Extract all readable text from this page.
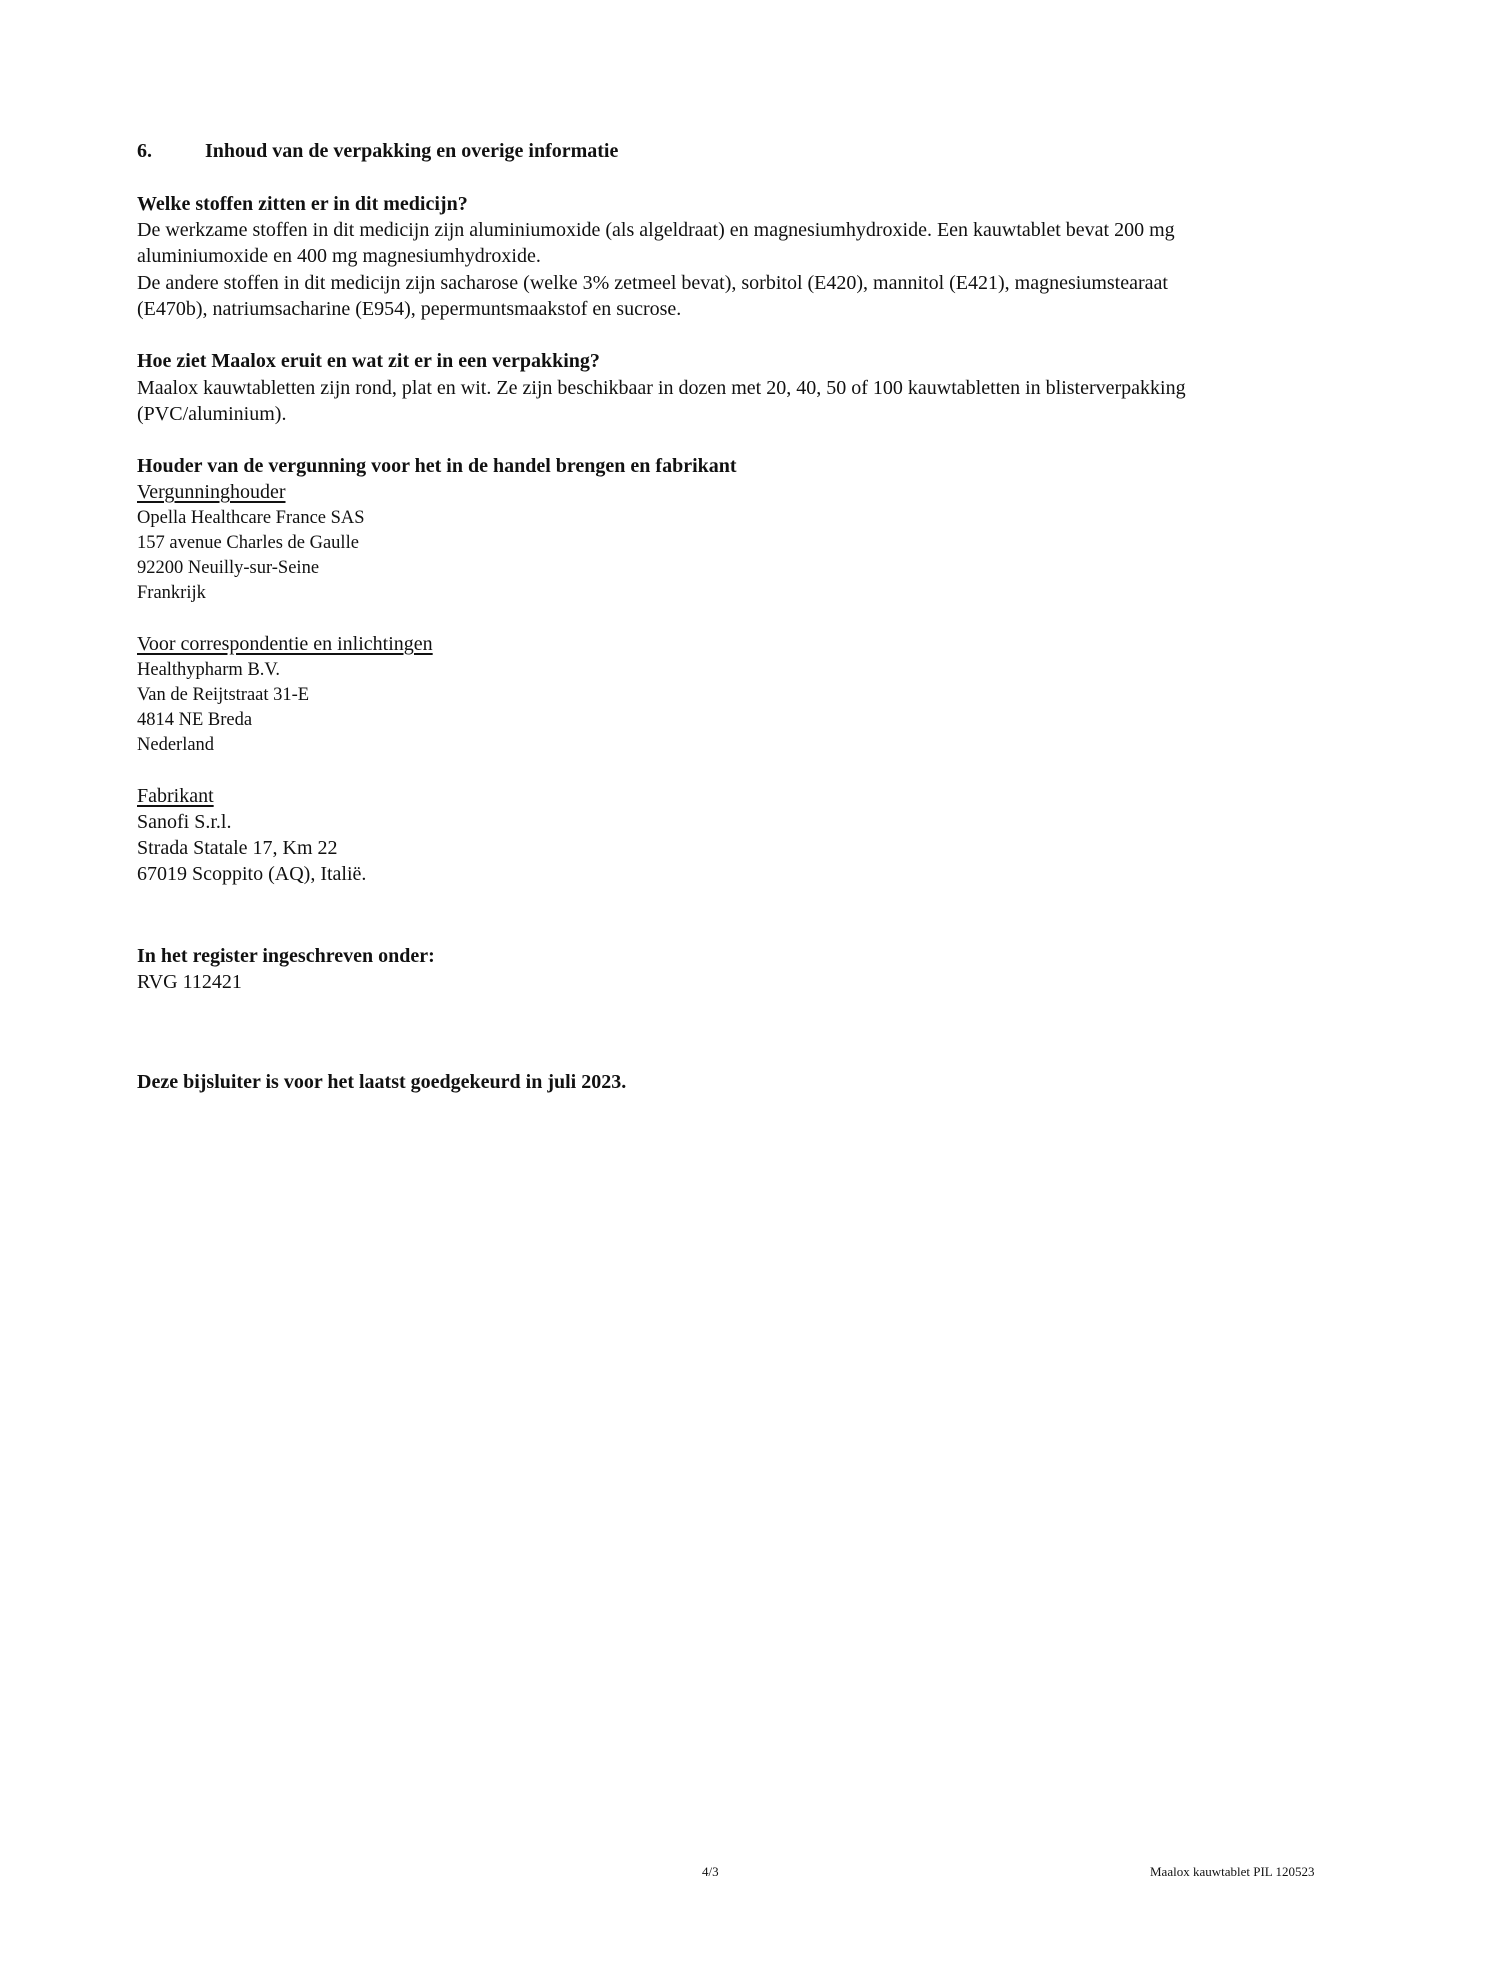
6.	Inhoud van de verpakking en overige informatie
Welke stoffen zitten er in dit medicijn?
De werkzame stoffen in dit medicijn zijn aluminiumoxide (als algeldraat) en magnesiumhydroxide. Een kauwtablet bevat 200 mg
aluminiumoxide en 400 mg magnesiumhydroxide.
De andere stoffen in dit medicijn zijn sacharose (welke 3% zetmeel bevat), sorbitol (E420), mannitol (E421), magnesiumstearaat
(E470b), natriumsacharine (E954), pepermuntsmaakstof en sucrose.
Hoe ziet Maalox eruit en wat zit er in een verpakking?
Maalox kauwtabletten zijn rond, plat en wit. Ze zijn beschikbaar in dozen met 20, 40, 50 of 100 kauwtabletten in blisterverpakking
(PVC/aluminium).
Houder van de vergunning voor het in de handel brengen en fabrikant
Vergunninghouder
Opella Healthcare France SAS
157 avenue Charles de Gaulle
92200 Neuilly-sur-Seine
Frankrijk
Voor correspondentie en inlichtingen
Healthypharm B.V.
Van de Reijtstraat 31-E
4814 NE Breda
Nederland
Fabrikant
Sanofi S.r.l.
Strada Statale 17, Km 22
67019 Scoppito (AQ), Italië.
In het register ingeschreven onder:
RVG 112421
Deze bijsluiter is voor het laatst goedgekeurd in juli 2023.
4/3	Maalox kauwtablet PIL 120523
